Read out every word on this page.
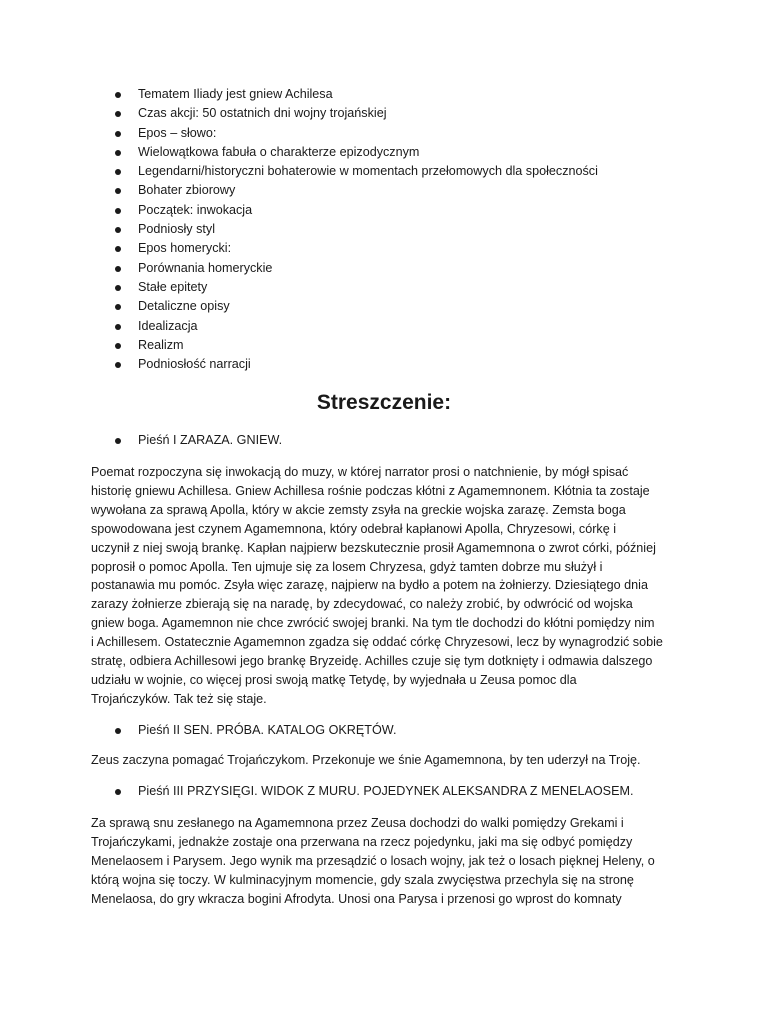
Tematem Iliady jest gniew Achilesa
Czas akcji: 50 ostatnich dni wojny trojańskiej
Epos – słowo:
Wielowątkowa fabuła o charakterze epizodycznym
Legendarni/historyczni bohaterowie w momentach przełomowych dla społeczności
Bohater zbiorowy
Początek: inwokacja
Podniosły styl
Epos homerycki:
Porównania homeryckie
Stałe epitety
Detaliczne opisy
Idealizacja
Realizm
Podniosłość narracji
Streszczenie:
Pieśń I ZARAZA. GNIEW.
Poemat rozpoczyna się inwokacją do muzy, w której narrator prosi o natchnienie, by mógł spisać
historię gniewu Achillesa. Gniew Achillesa rośnie podczas kłótni z Agamemnonem. Kłótnia ta zostaje
wywołana za sprawą Apolla, który w akcie zemsty zsyła na greckie wojska zarazę. Zemsta boga
spowodowana jest czynem Agamemnona, który odebrał kapłanowi Apolla, Chryzesowi, córkę i
uczynił z niej swoją brankę. Kapłan najpierw bezskutecznie prosił Agamemnona o zwrot córki, później
poprosił o pomoc Apolla. Ten ujmuje się za losem Chryzesa, gdyż tamten dobrze mu służył i
postanawia mu pomóc. Zsyła więc zarazę, najpierw na bydło a potem na żołnierzy. Dziesiątego dnia
zarazy żołnierze zbierają się na naradę, by zdecydować, co należy zrobić, by odwrócić od wojska
gniew boga. Agamemnon nie chce zwrócić swojej branki. Na tym tle dochodzi do kłótni pomiędzy nim
i Achillesem. Ostatecznie Agamemnon zgadza się oddać córkę Chryzesowi, lecz by wynagrodzić sobie
stratę, odbiera Achillesowi jego brankę Bryzeidę. Achilles czuje się tym dotknięty i odmawia dalszego
udziału w wojnie, co więcej prosi swoją matkę Tetydę, by wyjednała u Zeusa pomoc dla
Trojańczyków. Tak też się staje.
Pieśń II SEN. PRÓBA. KATALOG OKRĘTÓW.
Zeus zaczyna pomagać Trojańczykom. Przekonuje we śnie Agamemnona, by ten uderzył na Troję.
Pieśń III PRZYSIĘGI. WIDOK Z MURU. POJEDYNEK ALEKSANDRA Z MENELAOSEM.
Za sprawą snu zesłanego na Agamemnona przez Zeusa dochodzi do walki pomiędzy Grekami i
Trojańczykami, jednakże zostaje ona przerwana na rzecz pojedynku, jaki ma się odbyć pomiędzy
Menelaosem i Parysem. Jego wynik ma przesądzić o losach wojny, jak też o losach pięknej Heleny, o
którą wojna się toczy. W kulminacyjnym momencie, gdy szala zwycięstwa przechyla się na stronę
Menelaosa, do gry wkracza bogini Afrodyta. Unosi ona Parysa i przenosi go wprost do komnaty
